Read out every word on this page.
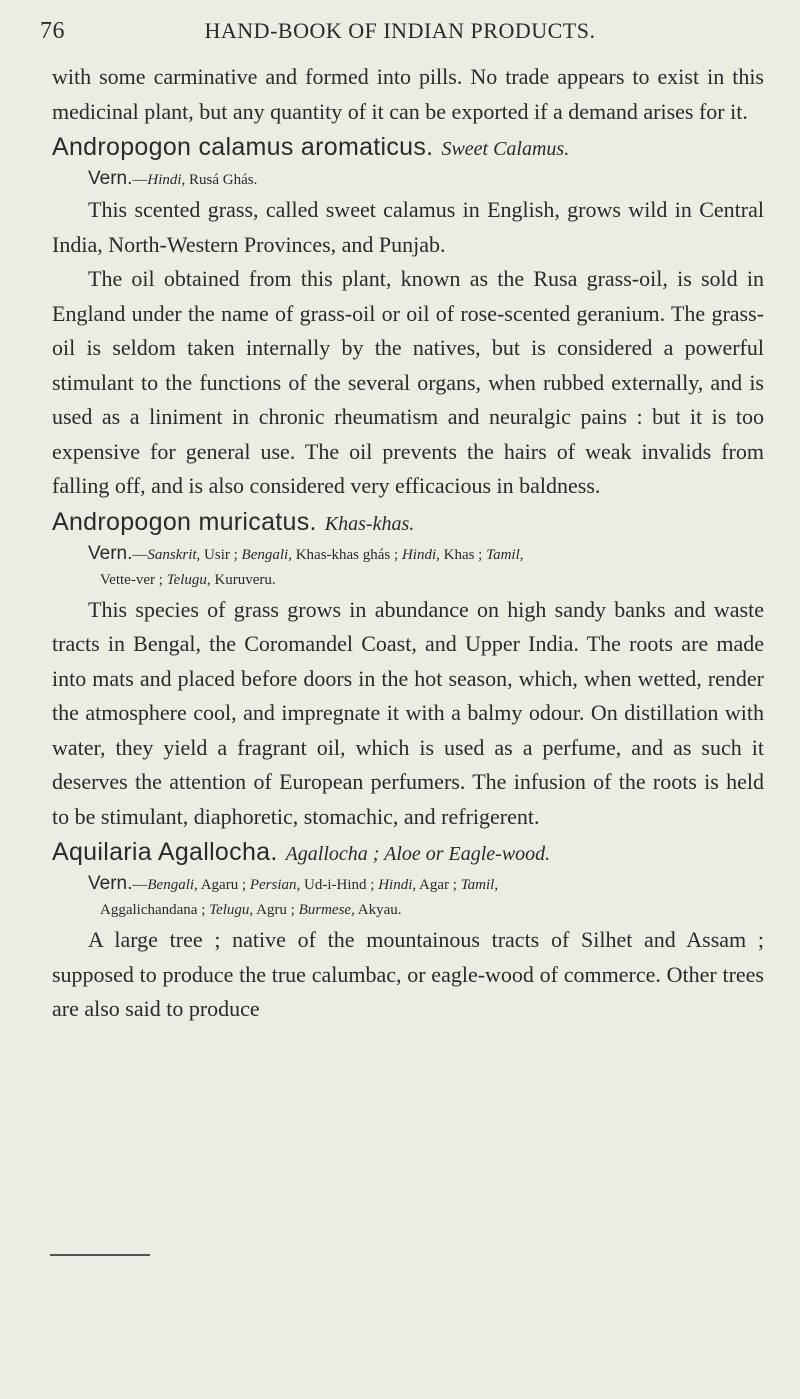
76	HAND-BOOK OF INDIAN PRODUCTS.

with some carminative and formed into pills. No trade appears to exist in this medicinal plant, but any quantity of it can be exported if a demand arises for it.

Andropogon calamus aromaticus. Sweet Calamus.
Vern.—Hindi, Rusá Ghás.

This scented grass, called sweet calamus in English, grows wild in Central India, North-Western Provinces, and Punjab.

The oil obtained from this plant, known as the Rusa grass-oil, is sold in England under the name of grass-oil or oil of rose-scented geranium. The grass-oil is seldom taken internally by the natives, but is considered a powerful stimulant to the functions of the several organs, when rubbed externally, and is used as a liniment in chronic rheumatism and neuralgic pains : but it is too expensive for general use. The oil prevents the hairs of weak invalids from falling off, and is also considered very efficacious in baldness.

Andropogon muricatus. Khas-khas.
Vern.—Sanskrit, Usir ; Bengali, Khas-khas ghás ; Hindi, Khas ; Tamil,
Vette-ver ; Telugu, Kuruveru.

This species of grass grows in abundance on high sandy banks and waste tracts in Bengal, the Coromandel Coast, and Upper India. The roots are made into mats and placed before doors in the hot season, which, when wetted, render the atmosphere cool, and impregnate it with a balmy odour. On distillation with water, they yield a fragrant oil, which is used as a perfume, and as such it deserves the attention of European perfumers. The infusion of the roots is held to be stimulant, diaphoretic, stomachic, and refrigerent.

Aquilaria Agallocha. Agallocha ; Aloe or Eagle-wood.
Vern.—Bengali, Agaru ; Persian, Ud-i-Hind ; Hindi, Agar ; Tamil,
Aggalichandana ; Telugu, Agru ; Burmese, Akyau.

A large tree ; native of the mountainous tracts of Silhet and Assam ; supposed to produce the true calumbac, or eagle-wood of commerce. Other trees are also said to produce
